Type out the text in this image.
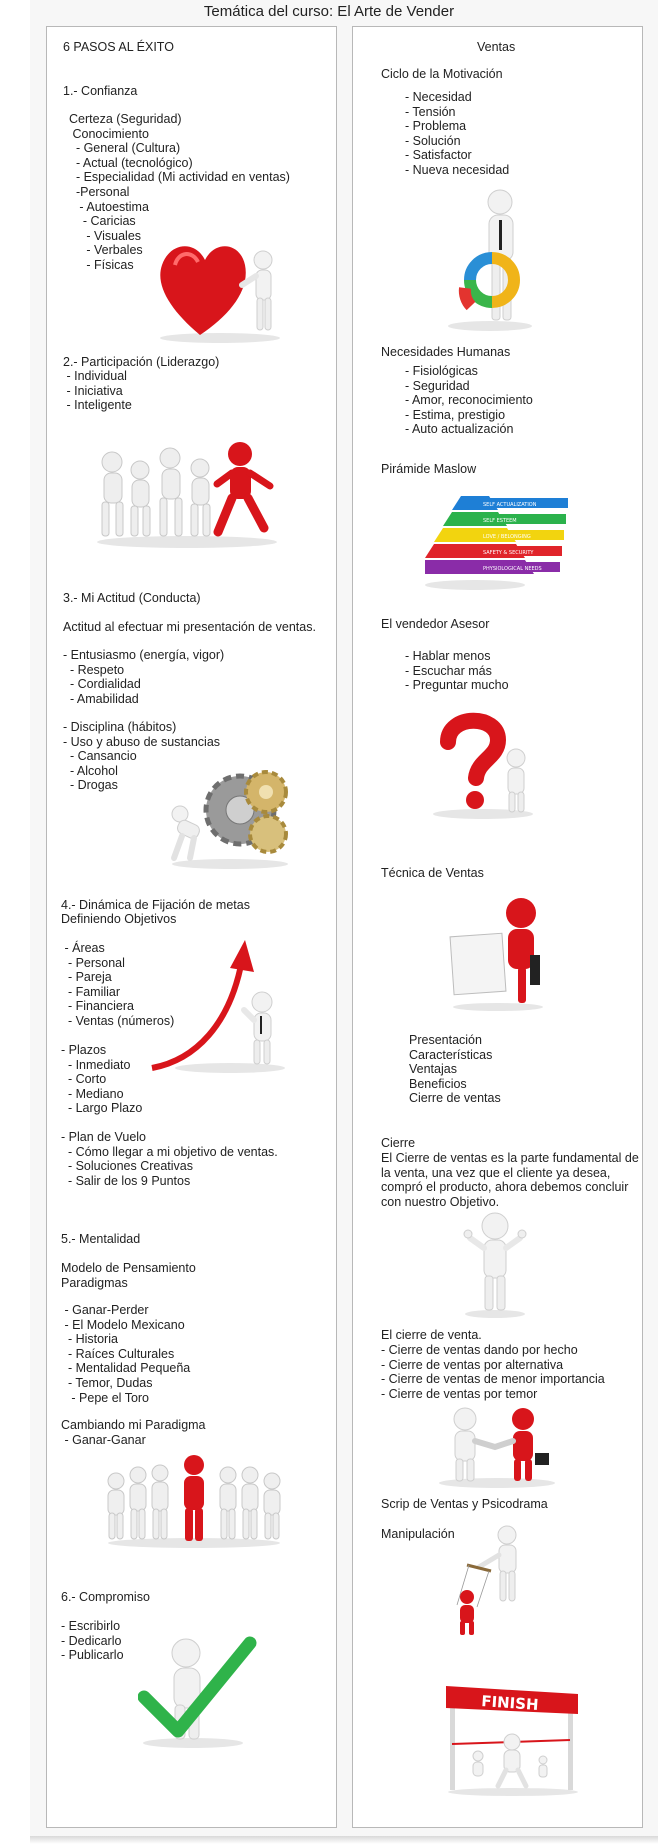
Temática del curso: El Arte de Vender
6 PASOS AL ÉXITO
1.- Confianza
Certeza (Seguridad)
Conocimiento
- General (Cultura)
- Actual (tecnológico)
- Especialidad (Mi actividad en ventas)
-Personal
- Autoestima
- Caricias
- Visuales
- Verbales
- Físicas
2.- Participación (Liderazgo)
- Individual
- Iniciativa
- Inteligente
3.- Mi Actitud (Conducta)
Actitud al efectuar mi presentación de ventas.
- Entusiasmo (energía, vigor)
- Respeto
- Cordialidad
- Amabilidad
- Disciplina (hábitos)
- Uso y abuso de sustancias
- Cansancio
- Alcohol
- Drogas
4.- Dinámica de Fijación de metas
Definiendo Objetivos
- Áreas
- Personal
- Pareja
- Familiar
- Financiera
- Ventas (números)
- Plazos
- Inmediato
- Corto
- Mediano
- Largo Plazo
- Plan de Vuelo
- Cómo llegar a mi objetivo de ventas.
- Soluciones Creativas
- Salir de los 9 Puntos
5.- Mentalidad
Modelo de Pensamiento
Paradigmas
- Ganar-Perder
- El Modelo Mexicano
- Historia
- Raíces Culturales
- Mentalidad Pequeña
- Temor, Dudas
- Pepe el Toro
Cambiando mi Paradigma
- Ganar-Ganar
6.- Compromiso
- Escribirlo
- Dedicarlo
- Publicarlo
Ventas
Ciclo de la Motivación
- Necesidad
- Tensión
- Problema
- Solución
- Satisfactor
- Nueva necesidad
Necesidades Humanas
- Fisiológicas
- Seguridad
- Amor, reconocimiento
- Estima, prestigio
- Auto actualización
Pirámide Maslow
SELF ACTUALIZATION
SELF ESTEEM
LOVE / BELONGING
SAFETY & SECURITY
PHYSIOLOGICAL NEEDS
El vendedor Asesor
- Hablar menos
- Escuchar más
- Preguntar mucho
Técnica de Ventas
Presentación
Características
Ventajas
Beneficios
Cierre de ventas
Cierre
El Cierre de ventas es la parte fundamental de la venta, una vez que el cliente ya desea, compró el producto, ahora debemos concluir con nuestro Objetivo.
El cierre de venta.
- Cierre de ventas dando por hecho
- Cierre de ventas por alternativa
- Cierre de ventas de menor importancia
- Cierre de ventas por temor
Scrip de Ventas y Psicodrama
Manipulación
FINISH
